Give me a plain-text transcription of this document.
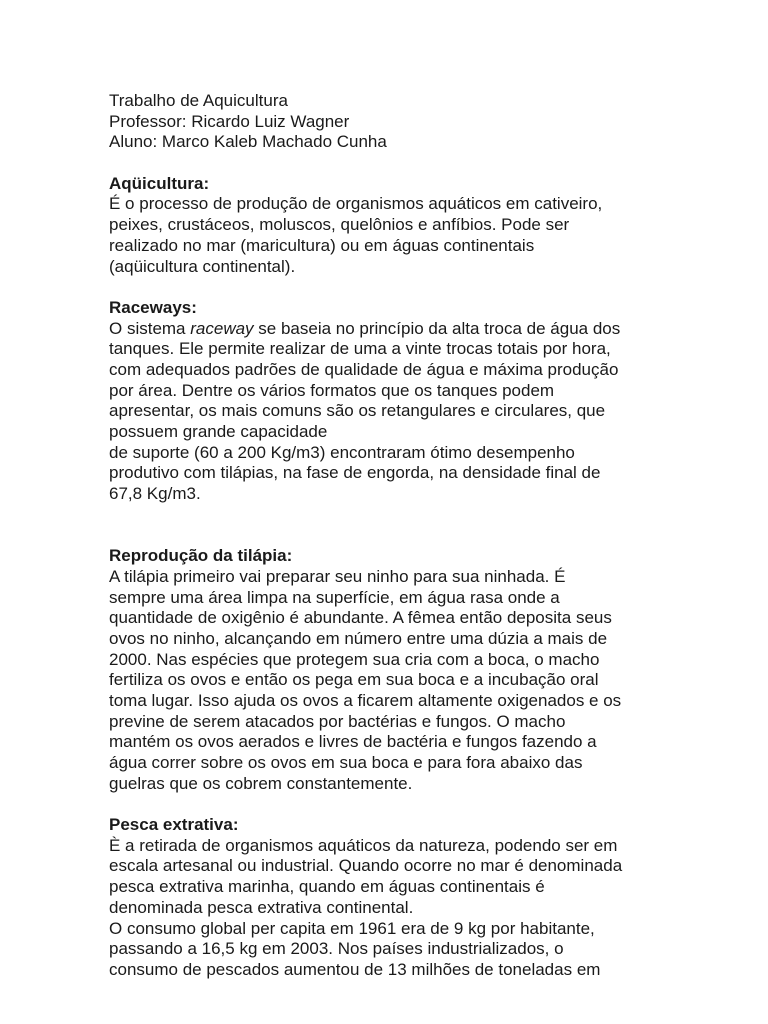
Trabalho de Aquicultura
Professor: Ricardo Luiz Wagner
Aluno: Marco Kaleb Machado Cunha
Aqüicultura:
É o processo de produção de organismos aquáticos em cativeiro,
peixes, crustáceos, moluscos, quelônios e anfíbios. Pode ser
realizado no mar (maricultura) ou em águas continentais
(aqüicultura continental).
Raceways:
O sistema raceway se baseia no princípio da alta troca de água dos
tanques. Ele permite realizar de uma a vinte trocas totais por hora,
com adequados padrões de qualidade de água e máxima produção
por área. Dentre os vários formatos que os tanques podem
apresentar, os mais comuns são os retangulares e circulares, que
possuem grande capacidade
de suporte (60 a 200 Kg/m3) encontraram ótimo desempenho
produtivo com tilápias, na fase de engorda, na densidade final de
67,8 Kg/m3.
Reprodução da tilápia:
A tilápia primeiro vai preparar seu ninho para sua ninhada. É
sempre uma área limpa na superfície, em água rasa onde a
quantidade de oxigênio é abundante. A fêmea então deposita seus
ovos no ninho, alcançando em número entre uma dúzia a mais de
2000. Nas espécies que protegem sua cria com a boca, o macho
fertiliza os ovos e então os pega em sua boca e a incubação oral
toma lugar. Isso ajuda os ovos a ficarem altamente oxigenados e os
previne de serem atacados por bactérias e fungos. O macho
mantém os ovos aerados e livres de bactéria e fungos fazendo a
água correr sobre os ovos em sua boca e para fora abaixo das
guelras que os cobrem constantemente.
Pesca extrativa:
È a retirada de organismos aquáticos da natureza, podendo ser em
escala artesanal ou industrial. Quando ocorre no mar é denominada
pesca extrativa marinha, quando em águas continentais é
denominada pesca extrativa continental.
O consumo global per capita em 1961 era de 9 kg por habitante,
passando a 16,5 kg em 2003. Nos países industrializados, o
consumo de pescados aumentou de 13 milhões de toneladas em
